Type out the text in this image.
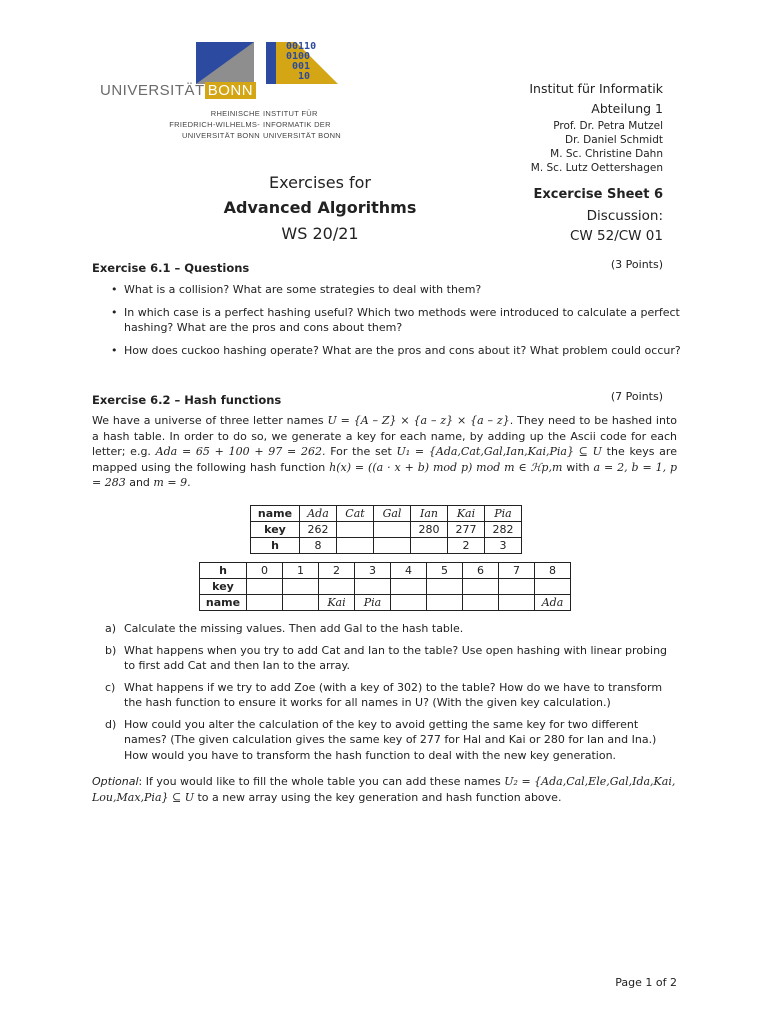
00110
0100
001
10
UNIVERSITÄT BONN
RHEINISCHE
FRIEDRICH-WILHELMS-
UNIVERSITÄT BONN
INSTITUT FÜR
INFORMATIK DER
UNIVERSITÄT BONN
Institut für Informatik
Abteilung 1
Prof. Dr. Petra Mutzel
Dr. Daniel Schmidt
M. Sc. Christine Dahn
M. Sc. Lutz Oettershagen
Exercises for
Advanced Algorithms
WS 20/21
Excercise Sheet 6
Discussion:
CW 52/CW 01
Exercise 6.1 – Questions	(3 Points)
• What is a collision? What are some strategies to deal with them?
• In which case is a perfect hashing useful? Which two methods were introduced to calculate a perfect hashing? What are the pros and cons about them?
• How does cuckoo hashing operate? What are the pros and cons about it? What problem could occur?
Exercise 6.2 – Hash functions	(7 Points)
We have a universe of three letter names U = {A – Z} × {a – z} × {a – z}. They need to be hashed into a hash table. In order to do so, we generate a key for each name, by adding up the Ascii code for each letter; e.g. Ada = 65 + 100 + 97 = 262. For the set U₁ = {Ada,Cat,Gal,Ian,Kai,Pia} ⊆ U the keys are mapped using the following hash function h(x) = ((a · x + b) mod p) mod m ∈ ℋp,m with a = 2, b = 1, p = 283 and m = 9.
name	Ada	Cat	Gal	Ian	Kai	Pia
key	262			280	277	282
h	8				2	3
h	0	1	2	3	4	5	6	7	8
key									
name			Kai	Pia					Ada
a) Calculate the missing values. Then add Gal to the hash table.
b) What happens when you try to add Cat and Ian to the table? Use open hashing with linear probing to first add Cat and then Ian to the array.
c) What happens if we try to add Zoe (with a key of 302) to the table? How do we have to transform the hash function to ensure it works for all names in U? (With the given key calculation.)
d) How could you alter the calculation of the key to avoid getting the same key for two different names? (The given calculation gives the same key of 277 for Hal and Kai or 280 for Ian and Ina.) How would you have to transform the hash function to deal with the new key generation.
Optional: If you would like to fill the whole table you can add these names U₂ = {Ada,Cal,Ele,Gal,Ida,Kai, Lou,Max,Pia} ⊆ U to a new array using the key generation and hash function above.
Page 1 of 2
